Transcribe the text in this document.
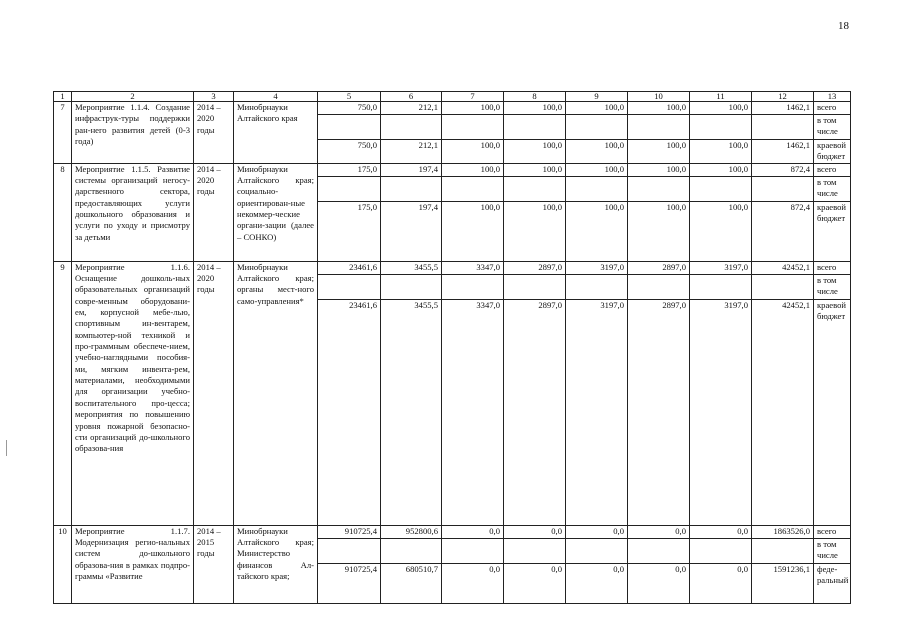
18
1	2	3	4	5	6	7	8	9	10	11	12	13
7	Мероприятие 1.1.4. Создание инфраструк-туры поддержки ран-него развития детей (0-3 года)	2014 – 2020 годы	Минобрнауки Алтайского края	750,0	212,1	100,0	100,0	100,0	100,0	100,0	1462,1	всего
												в том числе
				750,0	212,1	100,0	100,0	100,0	100,0	100,0	1462,1	краевой бюджет
8	Мероприятие 1.1.5. Развитие системы организаций негосу-дарственного сектора, предоставляющих услуги дошкольного образования и услуги по уходу и присмотру за детьми	2014 – 2020 годы	Минобрнауки Алтайского края; социально-ориентирован-ные некоммер-ческие органи-зации (далее – СОНКО)	175,0	197,4	100,0	100,0	100,0	100,0	100,0	872,4	всего
												в том числе
				175,0	197,4	100,0	100,0	100,0	100,0	100,0	872,4	краевой бюджет
9	Мероприятие 1.1.6. Оснащение дошколь-ных образовательных организаций совре-менным оборудовани-ем, корпусной мебе-лью, спортивным ин-вентарем, компьютер-ной техникой и про-граммным обеспече-нием, учебно-наглядными пособия-ми, мягким инвента-рем, материалами, необходимыми для организации учебно-воспитательного про-цесса; мероприятия по повышению уровня пожарной безопасно-сти организаций до-школьного образова-ния	2014 – 2020 годы	Минобрнауки Алтайского края; органы мест-ного само-управления*	23461,6	3455,5	3347,0	2897,0	3197,0	2897,0	3197,0	42452,1	всего
												в том числе
				23461,6	3455,5	3347,0	2897,0	3197,0	2897,0	3197,0	42452,1	краевой бюджет
10	Мероприятие 1.1.7. Модернизация регио-нальных систем до-школьного образова-ния в рамках подпро-граммы «Развитие	2014 – 2015 годы	Минобрнауки Алтайского края; Министерство финансов Ал-тайского края;	910725,4	952800,6	0,0	0,0	0,0	0,0	0,0	1863526,0	всего
												в том числе
				910725,4	680510,7	0,0	0,0	0,0	0,0	0,0	1591236,1	феде-ральный
